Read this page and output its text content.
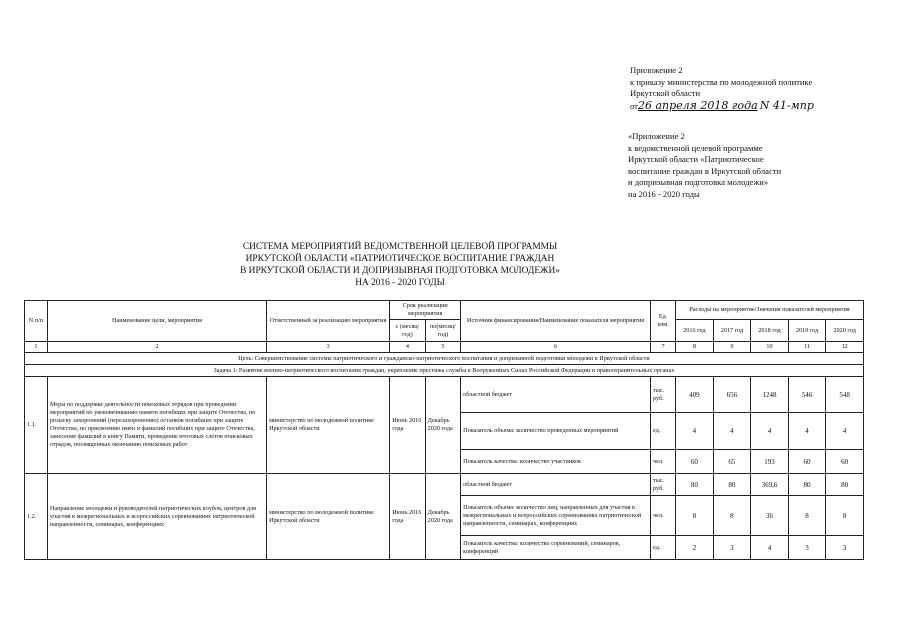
Приложение 2
к приказу министерства по молодежной политике
Иркутской области
от26 апреля 2018 года N 41-мпр
«Приложение 2
к ведомственной целевой программе
Иркутской области «Патриотическое
воспитание граждан в Иркутской области
и допризывная подготовка молодежи»
на 2016 - 2020 годы
СИСТЕМА МЕРОПРИЯТИЙ ВЕДОМСТВЕННОЙ ЦЕЛЕВОЙ ПРОГРАММЫ
ИРКУТСКОЙ ОБЛАСТИ «ПАТРИОТИЧЕСКОЕ ВОСПИТАНИЕ ГРАЖДАН
В ИРКУТСКОЙ ОБЛАСТИ И ДОПРИЗЫВНАЯ ПОДГОТОВКА МОЛОДЕЖИ»
НА 2016 - 2020 ГОДЫ
N п/п	Наименование цели, мероприятия	Ответственный за реализацию мероприятия	Срок реализации мероприятия		Источник финансирования/Наименование показателя мероприятия	Ед. изм.	Расходы на мероприятие/Значения показателей мероприятия				
			с (месяц/год)	по(месяц/год)			2016 год	2017 год	2018 год	2019 год	2020 год
1	2	3	4	5	6	7	8	9	10	11	12
Цель: Совершенствование системы патриотического и гражданско-патриотического воспитания и допризывной подготовки молодежи в Иркутской области											
Задача 1: Развитие военно-патриотического воспитания граждан, укрепление престижа службы в Вооруженных Силах Российской Федерации и правоохранительных органах											
1.1.	Меры по поддержке деятельности поисковых отрядов при проведении мероприятий по увековечиванию памяти погибших при защите Отечества, по розыску захоронений (перезахоронению) останков погибших при защите Отечества, по присвоению имен и фамилий погибших при защите Отечества, занесение фамилий в книгу Памяти, проведение итоговых слетов поисковых отрядов, посвященных окончанию поисковых работ	министерство по молодежной политике Иркутской области	Июнь 2016 года	Декабрь 2020 года	областной бюджет	тыс. руб.	409	656	1248	546	548
					Показатель объема: количество проведенных мероприятий	ед.	4	4	4	4	4
					Показатель качества: количество участников	чел.	60	65	193	60	60
1.2.	Направление молодежи и руководителей патриотических клубов, центров для участия в межрегиональных и всероссийских соревнованиях патриотической направленности, семинарах, конференциях	министерство по молодежной политике Иркутской области	Июнь 2016 года	Декабрь 2020 года	областной бюджет	тыс. руб.	80	80	369,6	80	80
					Показатель объема: количество лиц, направленных для участия в межрегиональных и всероссийских соревнованиях патриотической направленности, семинарах, конференциях	чел.	8	8	36	8	8
					Показатель качества: количество соревнований, семинаров, конференций	ед.	2	3	4	3	3
